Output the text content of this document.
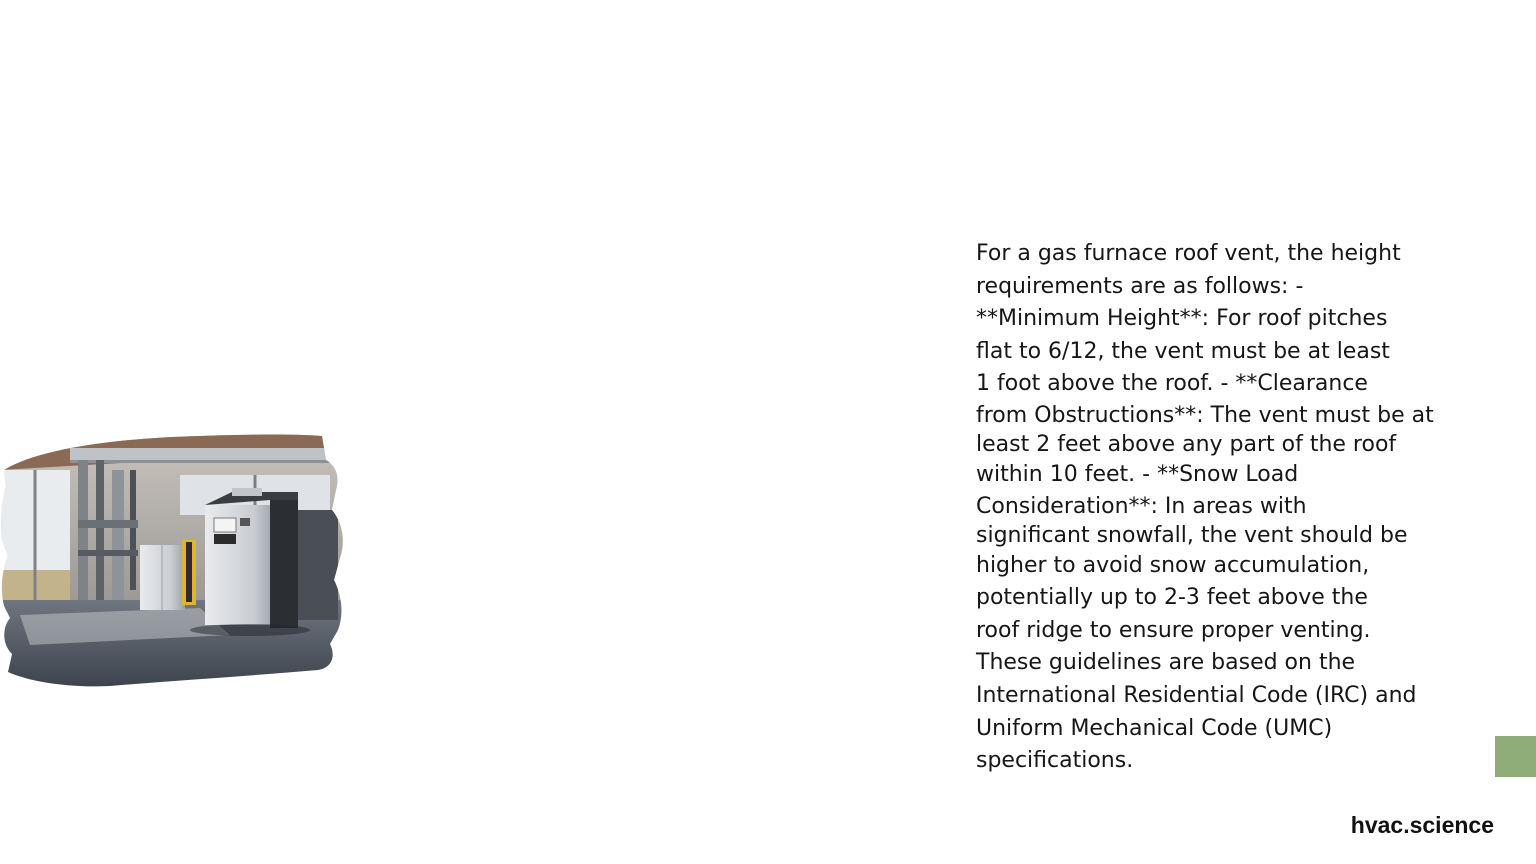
For a gas furnace roof vent, the height
requirements are as follows: -
**Minimum Height**: For roof pitches
flat to 6/12, the vent must be at least
1 foot above the roof. - **Clearance
from Obstructions**: The vent must be at
least 2 feet above any part of the roof
within 10 feet. - **Snow Load
Consideration**: In areas with
significant snowfall, the vent should be
higher to avoid snow accumulation,
potentially up to 2-3 feet above the
roof ridge to ensure proper venting.
These guidelines are based on the
International Residential Code (IRC) and
Uniform Mechanical Code (UMC)
specifications.

hvac.science
